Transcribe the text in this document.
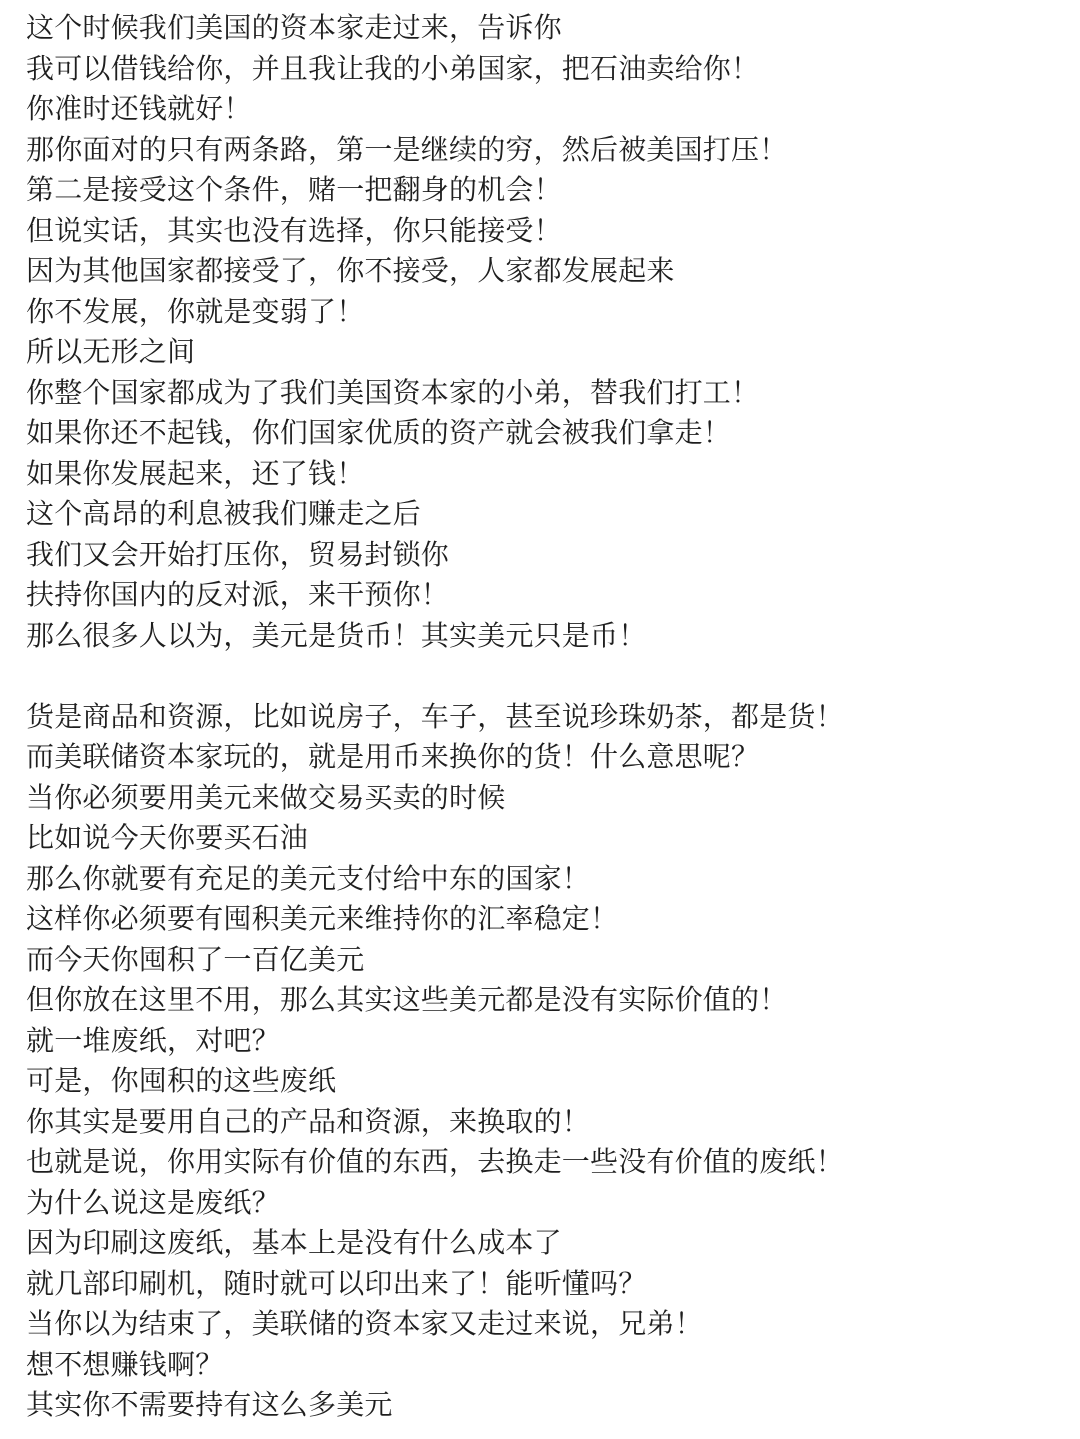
这个时候我们美国的资本家走过来，告诉你
我可以借钱给你，并且我让我的小弟国家，把石油卖给你！
你准时还钱就好！
那你面对的只有两条路，第一是继续的穷，然后被美国打压！
第二是接受这个条件，赌一把翻身的机会！
但说实话，其实也没有选择，你只能接受！
因为其他国家都接受了，你不接受，人家都发展起来
你不发展，你就是变弱了！
所以无形之间
你整个国家都成为了我们美国资本家的小弟，替我们打工！
如果你还不起钱，你们国家优质的资产就会被我们拿走！
如果你发展起来，还了钱！
这个高昂的利息被我们赚走之后
我们又会开始打压你，贸易封锁你
扶持你国内的反对派，来干预你！
那么很多人以为，美元是货币！其实美元只是币！
货是商品和资源，比如说房子，车子，甚至说珍珠奶茶，都是货！
而美联储资本家玩的，就是用币来换你的货！什么意思呢？
当你必须要用美元来做交易买卖的时候
比如说今天你要买石油
那么你就要有充足的美元支付给中东的国家！
这样你必须要有囤积美元来维持你的汇率稳定！
而今天你囤积了一百亿美元
但你放在这里不用，那么其实这些美元都是没有实际价值的！
就一堆废纸，对吧？
可是，你囤积的这些废纸
你其实是要用自己的产品和资源，来换取的！
也就是说，你用实际有价值的东西，去换走一些没有价值的废纸！
为什么说这是废纸？
因为印刷这废纸，基本上是没有什么成本了
就几部印刷机，随时就可以印出来了！能听懂吗？
当你以为结束了，美联储的资本家又走过来说，兄弟！
想不想赚钱啊？
其实你不需要持有这么多美元
